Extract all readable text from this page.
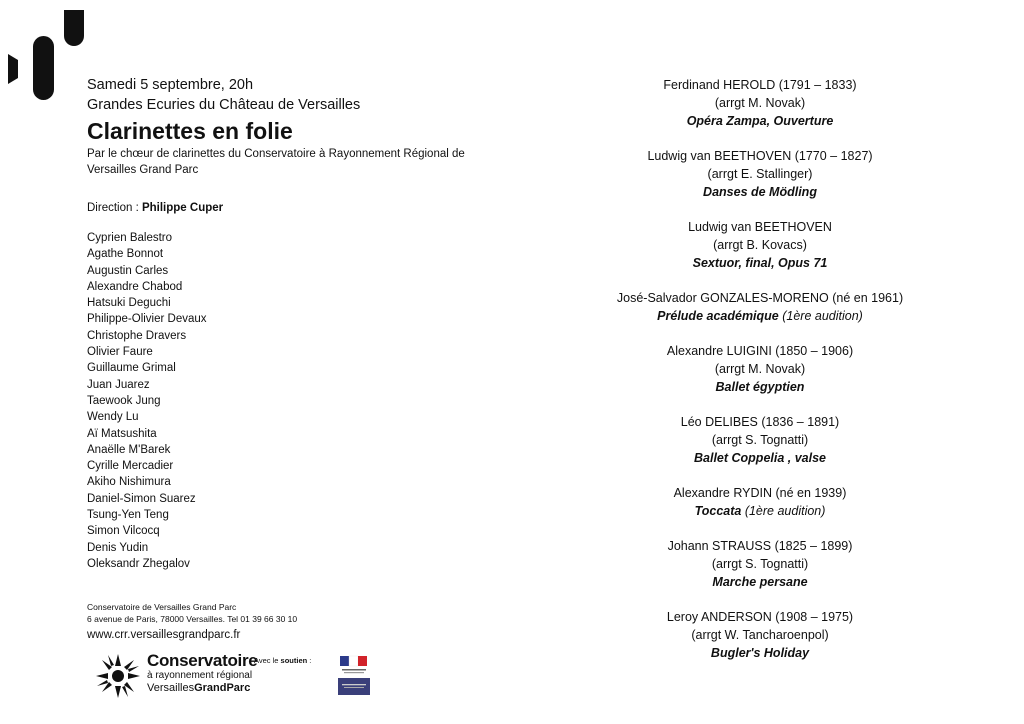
Samedi 5 septembre, 20h
Grandes Ecuries du Château de Versailles
Clarinettes en folie
Par le chœur de clarinettes du Conservatoire à Rayonnement Régional de Versailles Grand Parc
Direction : Philippe Cuper
Cyprien Balestro
Agathe Bonnot
Augustin Carles
Alexandre Chabod
Hatsuki Deguchi
Philippe-Olivier Devaux
Christophe Dravers
Olivier Faure
Guillaume Grimal
Juan Juarez
Taewook Jung
Wendy Lu
Aï Matsushita
Anaëlle M'Barek
Cyrille Mercadier
Akiho Nishimura
Daniel-Simon Suarez
Tsung-Yen Teng
Simon Vilcocq
Denis Yudin
Oleksandr Zhegalov
Conservatoire de Versailles Grand Parc
6 avenue de Paris, 78000 Versailles. Tel 01 39 66 30 10
www.crr.versaillesgrandparc.fr
Conservatoire
à rayonnement régional
VersaillesGrandParc
Avec le soutien :
Ferdinand HEROLD (1791 – 1833)
(arrgt M. Novak)
Opéra Zampa, Ouverture
Ludwig van BEETHOVEN (1770 – 1827)
(arrgt E. Stallinger)
Danses de Mödling
Ludwig van BEETHOVEN
(arrgt B. Kovacs)
Sextuor, final, Opus 71
José-Salvador GONZALES-MORENO (né en 1961)
Prélude académique (1ère audition)
Alexandre LUIGINI (1850 – 1906)
(arrgt M. Novak)
Ballet égyptien
Léo DELIBES (1836 – 1891)
(arrgt S. Tognatti)
Ballet Coppelia , valse
Alexandre RYDIN (né en 1939)
Toccata (1ère audition)
Johann STRAUSS (1825 – 1899)
(arrgt S. Tognatti)
Marche persane
Leroy ANDERSON (1908 – 1975)
(arrgt W. Tancharoenpol)
Bugler's Holiday
